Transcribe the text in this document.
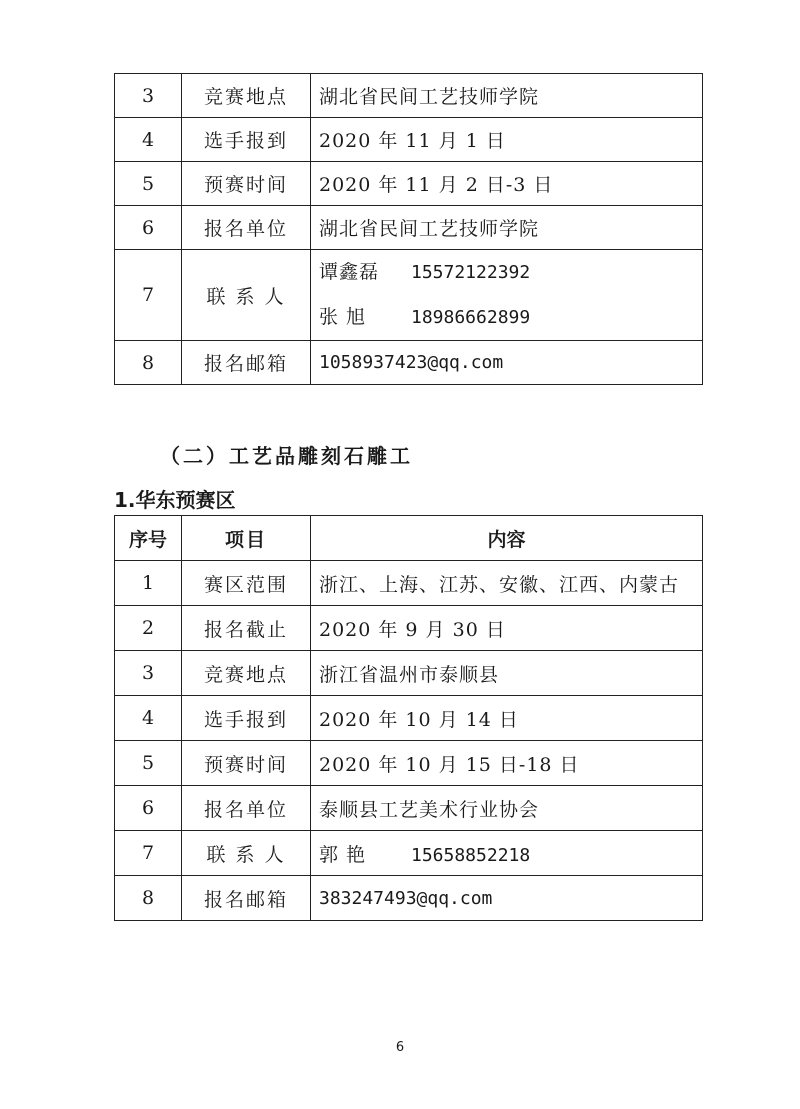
3	竞赛地点	湖北省民间工艺技师学院
4	选手报到	2020 年 11 月 1 日
5	预赛时间	2020 年 11 月 2 日-3 日
6	报名单位	湖北省民间工艺技师学院
7	联 系 人	谭鑫磊 15572122392
张 旭 18986662899

8	报名邮箱	1058937423@qq.com
（二）工艺品雕刻石雕工
1.华东预赛区
序号	项目	内容
1	赛区范围	浙江、上海、江苏、安徽、江西、内蒙古
2	报名截止	2020 年 9 月 30 日
3	竞赛地点	浙江省温州市泰顺县
4	选手报到	2020 年 10 月 14 日
5	预赛时间	2020 年 10 月 15 日-18 日
6	报名单位	泰顺县工艺美术行业协会
7	联 系 人	郭 艳 15658852218
8	报名邮箱	383247493@qq.com
6
